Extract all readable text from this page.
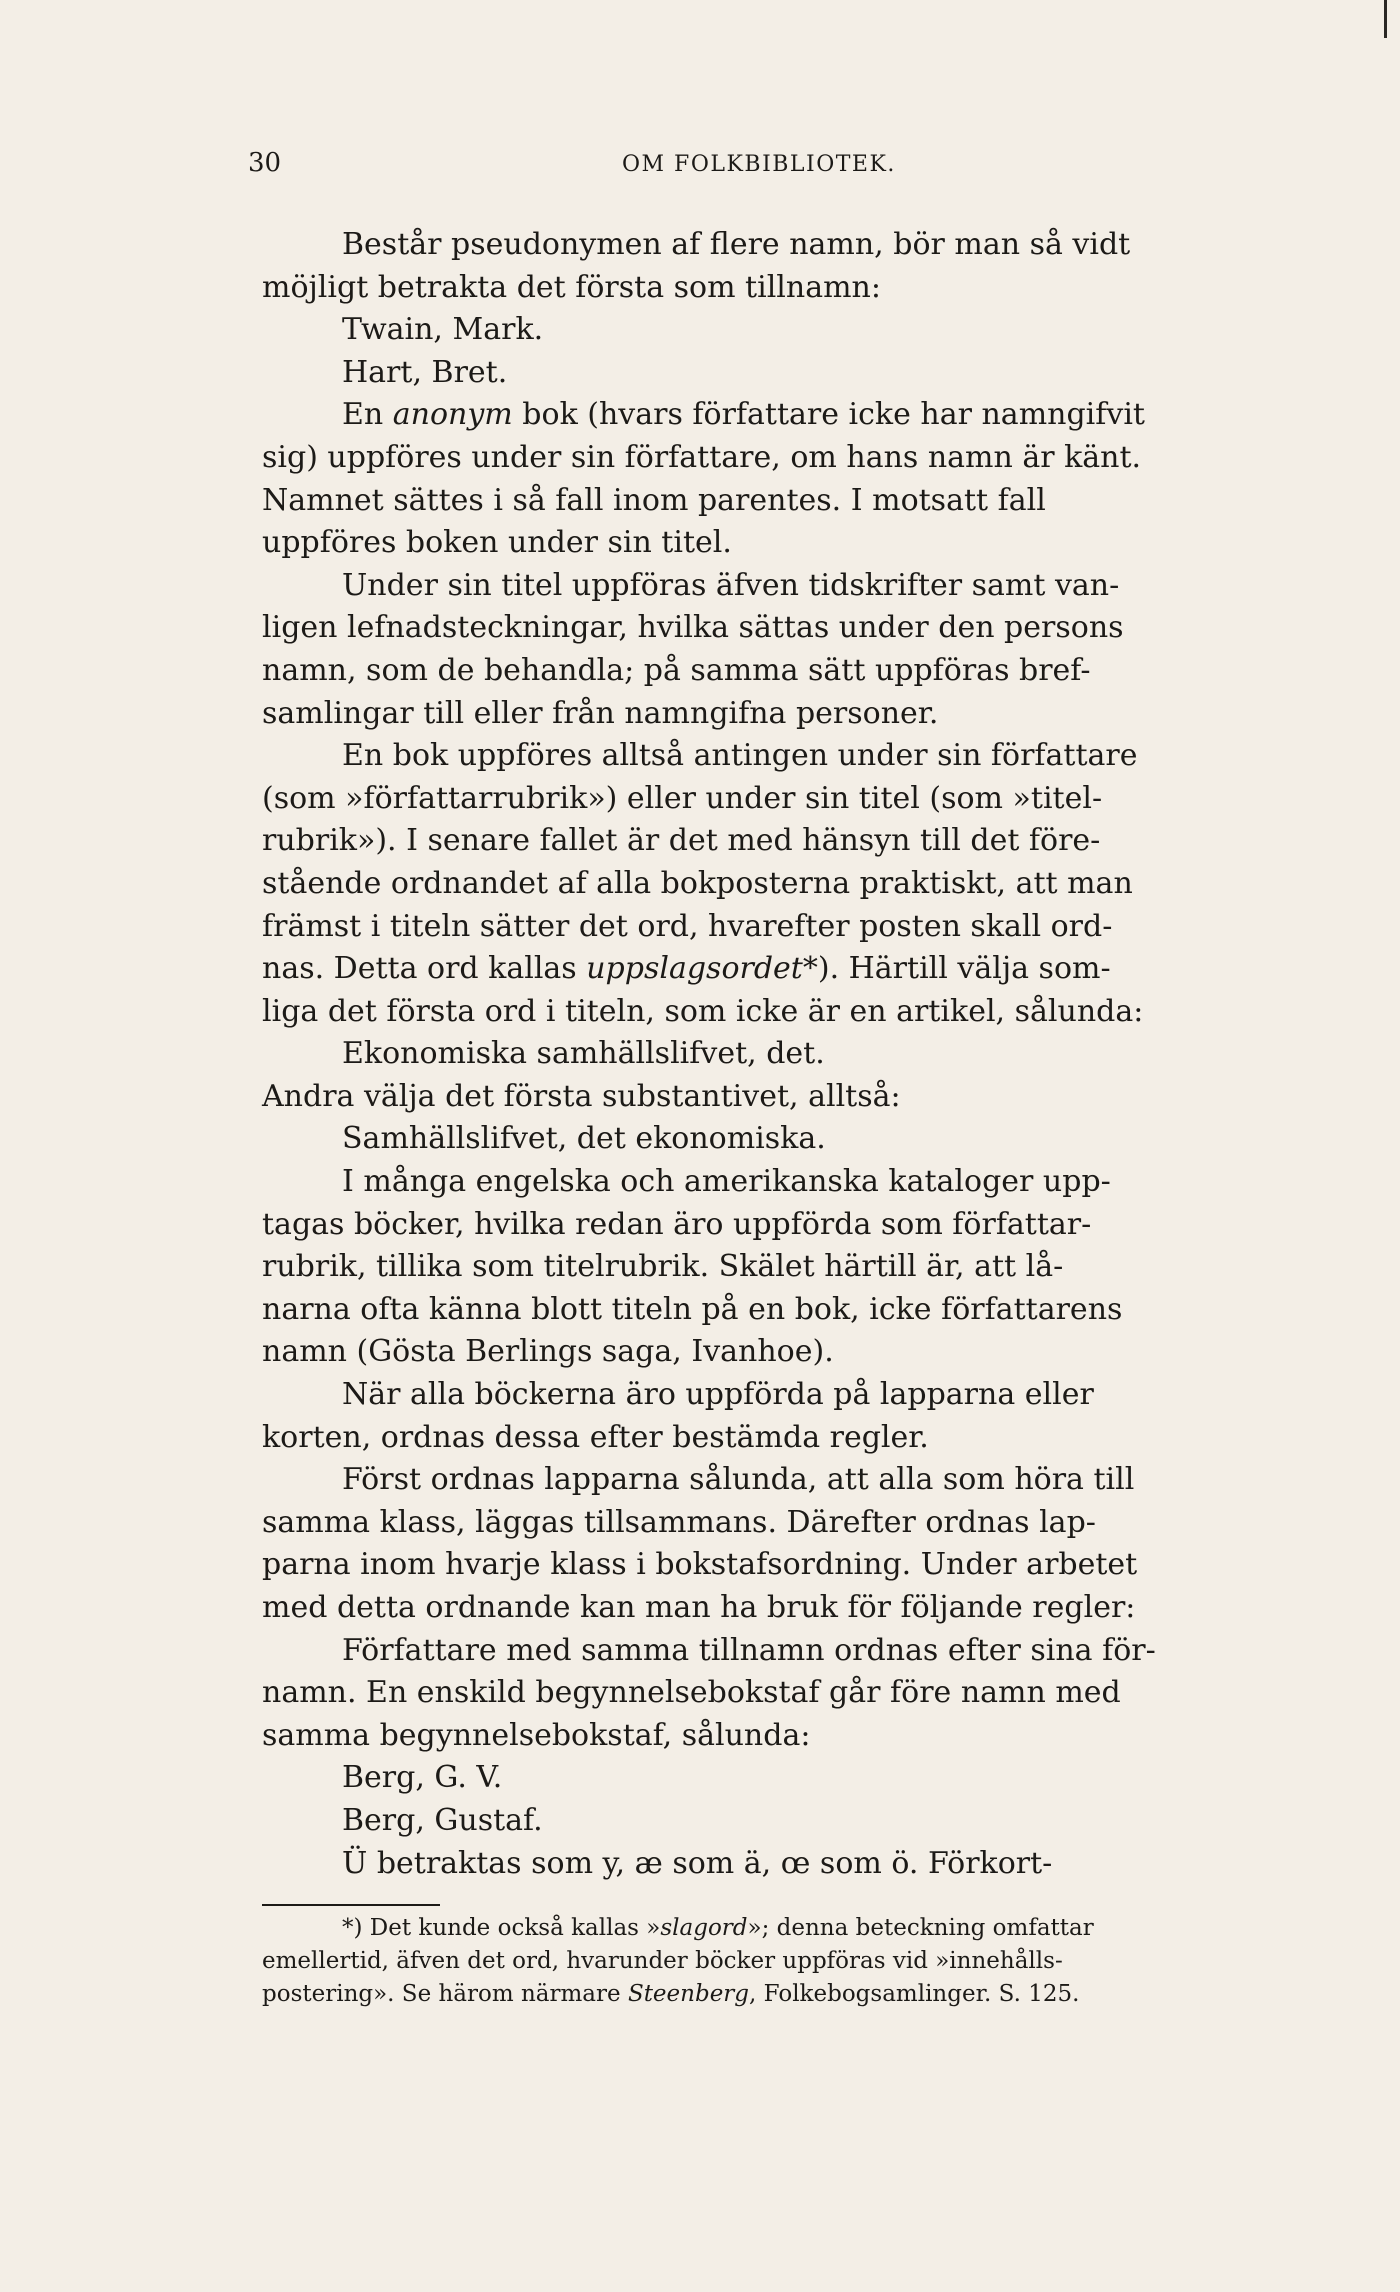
30	OM FOLKBIBLIOTEK.
Består pseudonymen af flere namn, bör man så vidt
möjligt betrakta det första som tillnamn:
Twain, Mark.
Hart, Bret.
En anonym bok (hvars författare icke har namngifvit
sig) uppföres under sin författare, om hans namn är känt.
Namnet sättes i så fall inom parentes. I motsatt fall
uppföres boken under sin titel.
Under sin titel uppföras äfven tidskrifter samt van-
ligen lefnadsteckningar, hvilka sättas under den persons
namn, som de behandla; på samma sätt uppföras bref-
samlingar till eller från namngifna personer.
En bok uppföres alltså antingen under sin författare
(som »författarrubrik») eller under sin titel (som »titel-
rubrik»). I senare fallet är det med hänsyn till det före-
stående ordnandet af alla bokposterna praktiskt, att man
främst i titeln sätter det ord, hvarefter posten skall ord-
nas. Detta ord kallas uppslagsordet*). Härtill välja som-
liga det första ord i titeln, som icke är en artikel, sålunda:
Ekonomiska samhällslifvet, det.
Andra välja det första substantivet, alltså:
Samhällslifvet, det ekonomiska.
I många engelska och amerikanska kataloger upp-
tagas böcker, hvilka redan äro uppförda som författar-
rubrik, tillika som titelrubrik. Skälet härtill är, att lå-
narna ofta känna blott titeln på en bok, icke författarens
namn (Gösta Berlings saga, Ivanhoe).
När alla böckerna äro uppförda på lapparna eller
korten, ordnas dessa efter bestämda regler.
Först ordnas lapparna sålunda, att alla som höra till
samma klass, läggas tillsammans. Därefter ordnas lap-
parna inom hvarje klass i bokstafsordning. Under arbetet
med detta ordnande kan man ha bruk för följande regler:
Författare med samma tillnamn ordnas efter sina för-
namn. En enskild begynnelsebokstaf går före namn med
samma begynnelsebokstaf, sålunda:
Berg, G. V.
Berg, Gustaf.
Ü betraktas som y, æ som ä, œ som ö. Förkort-
*) Det kunde också kallas »slagord»; denna beteckning omfattar
emellertid, äfven det ord, hvarunder böcker uppföras vid »innehålls-
postering». Se härom närmare Steenberg, Folkebogsamlinger. S. 125.
